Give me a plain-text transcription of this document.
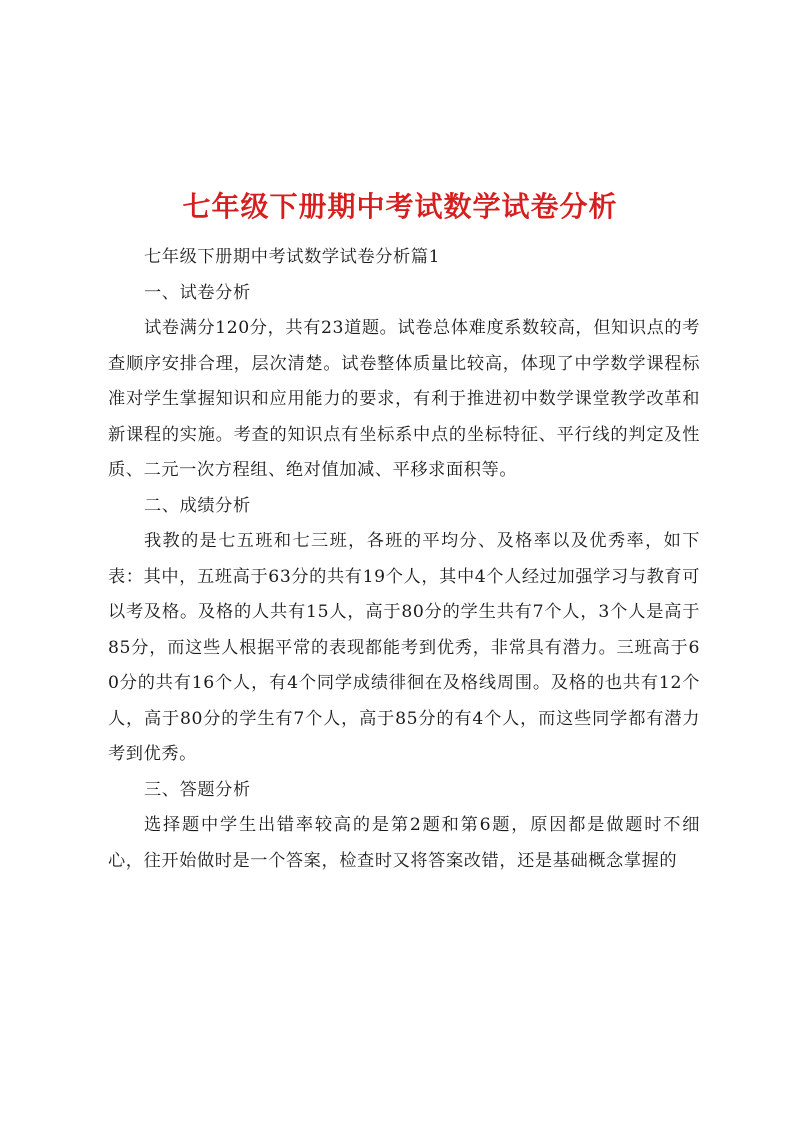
七年级下册期中考试数学试卷分析

七年级下册期中考试数学试卷分析篇1

一、试卷分析

试卷满分120分，共有23道题。试卷总体难度系数较高，但知识点的考查顺序安排合理，层次清楚。试卷整体质量比较高，体现了中学数学课程标准对学生掌握知识和应用能力的要求，有利于推进初中数学课堂教学改革和新课程的实施。考查的知识点有坐标系中点的坐标特征、平行线的判定及性质、二元一次方程组、绝对值加减、平移求面积等。

二、成绩分析

我教的是七五班和七三班，各班的平均分、及格率以及优秀率，如下表：其中，五班高于63分的共有19个人，其中4个人经过加强学习与教育可以考及格。及格的人共有15人，高于80分的学生共有7个人，3个人是高于85分，而这些人根据平常的表现都能考到优秀，非常具有潜力。三班高于60分的共有16个人，有4个同学成绩徘徊在及格线周围。及格的也共有12个人，高于80分的学生有7个人，高于85分的有4个人，而这些同学都有潜力考到优秀。

三、答题分析

选择题中学生出错率较高的是第2题和第6题，原因都是做题时不细心，往开始做时是一个答案，检查时又将答案改错，还是基础概念掌握的
